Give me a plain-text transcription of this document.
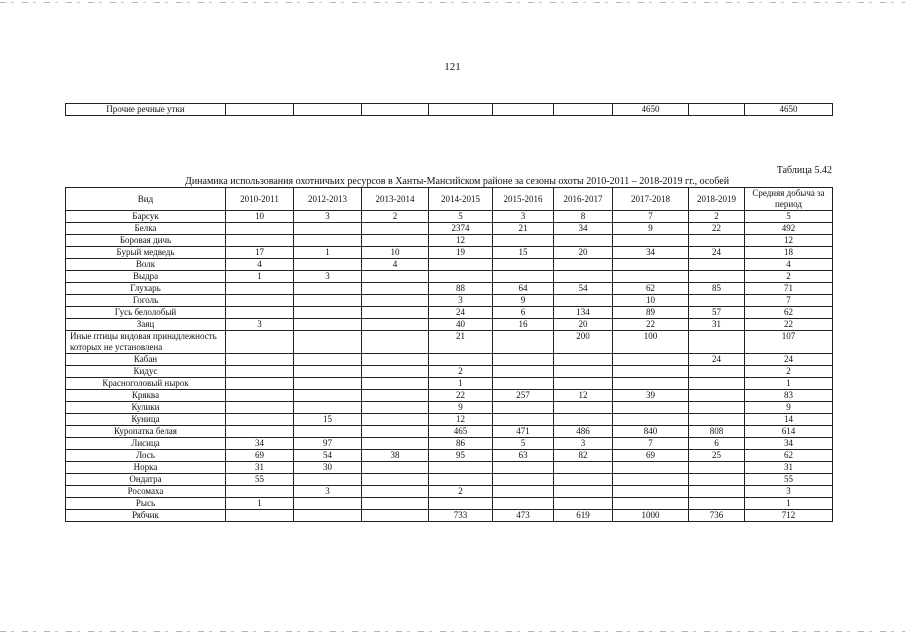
121
Прочие речные утки							4650		4650
Таблица 5.42
Динамика использования охотничьих ресурсов в Ханты-Мансийском районе за сезоны охоты 2010-2011 – 2018-2019 гг., особей
Вид	2010-2011	2012-2013	2013-2014	2014-2015	2015-2016	2016-2017	2017-2018	2018-2019	Средняя добыча за период
Барсук	10	3	2	5	3	8	7	2	5
Белка				2374	21	34	9	22	492
Боровая дичь				12					12
Бурый медведь	17	1	10	19	15	20	34	24	18
Волк	4		4						4
Выдра	1	3							2
Глухарь				88	64	54	62	85	71
Гоголь				3	9		10		7
Гусь белолобый				24	6	134	89	57	62
Заяц	3			40	16	20	22	31	22
Иные птицы видовая принадлежность которых не установлена				21		200	100		107
Кабан								24	24
Кидус				2					2
Красноголовый нырок				1					1
Кряква				22	257	12	39		83
Кулики				9					9
Куница		15		12					14
Куропатка белая				465	471	486	840	808	614
Лисица	34	97		86	5	3	7	6	34
Лось	69	54	38	95	63	82	69	25	62
Норка	31	30							31
Ондатра	55								55
Росомаха		3		2					3
Рысь	1								1
Рябчик				733	473	619	1000	736	712
